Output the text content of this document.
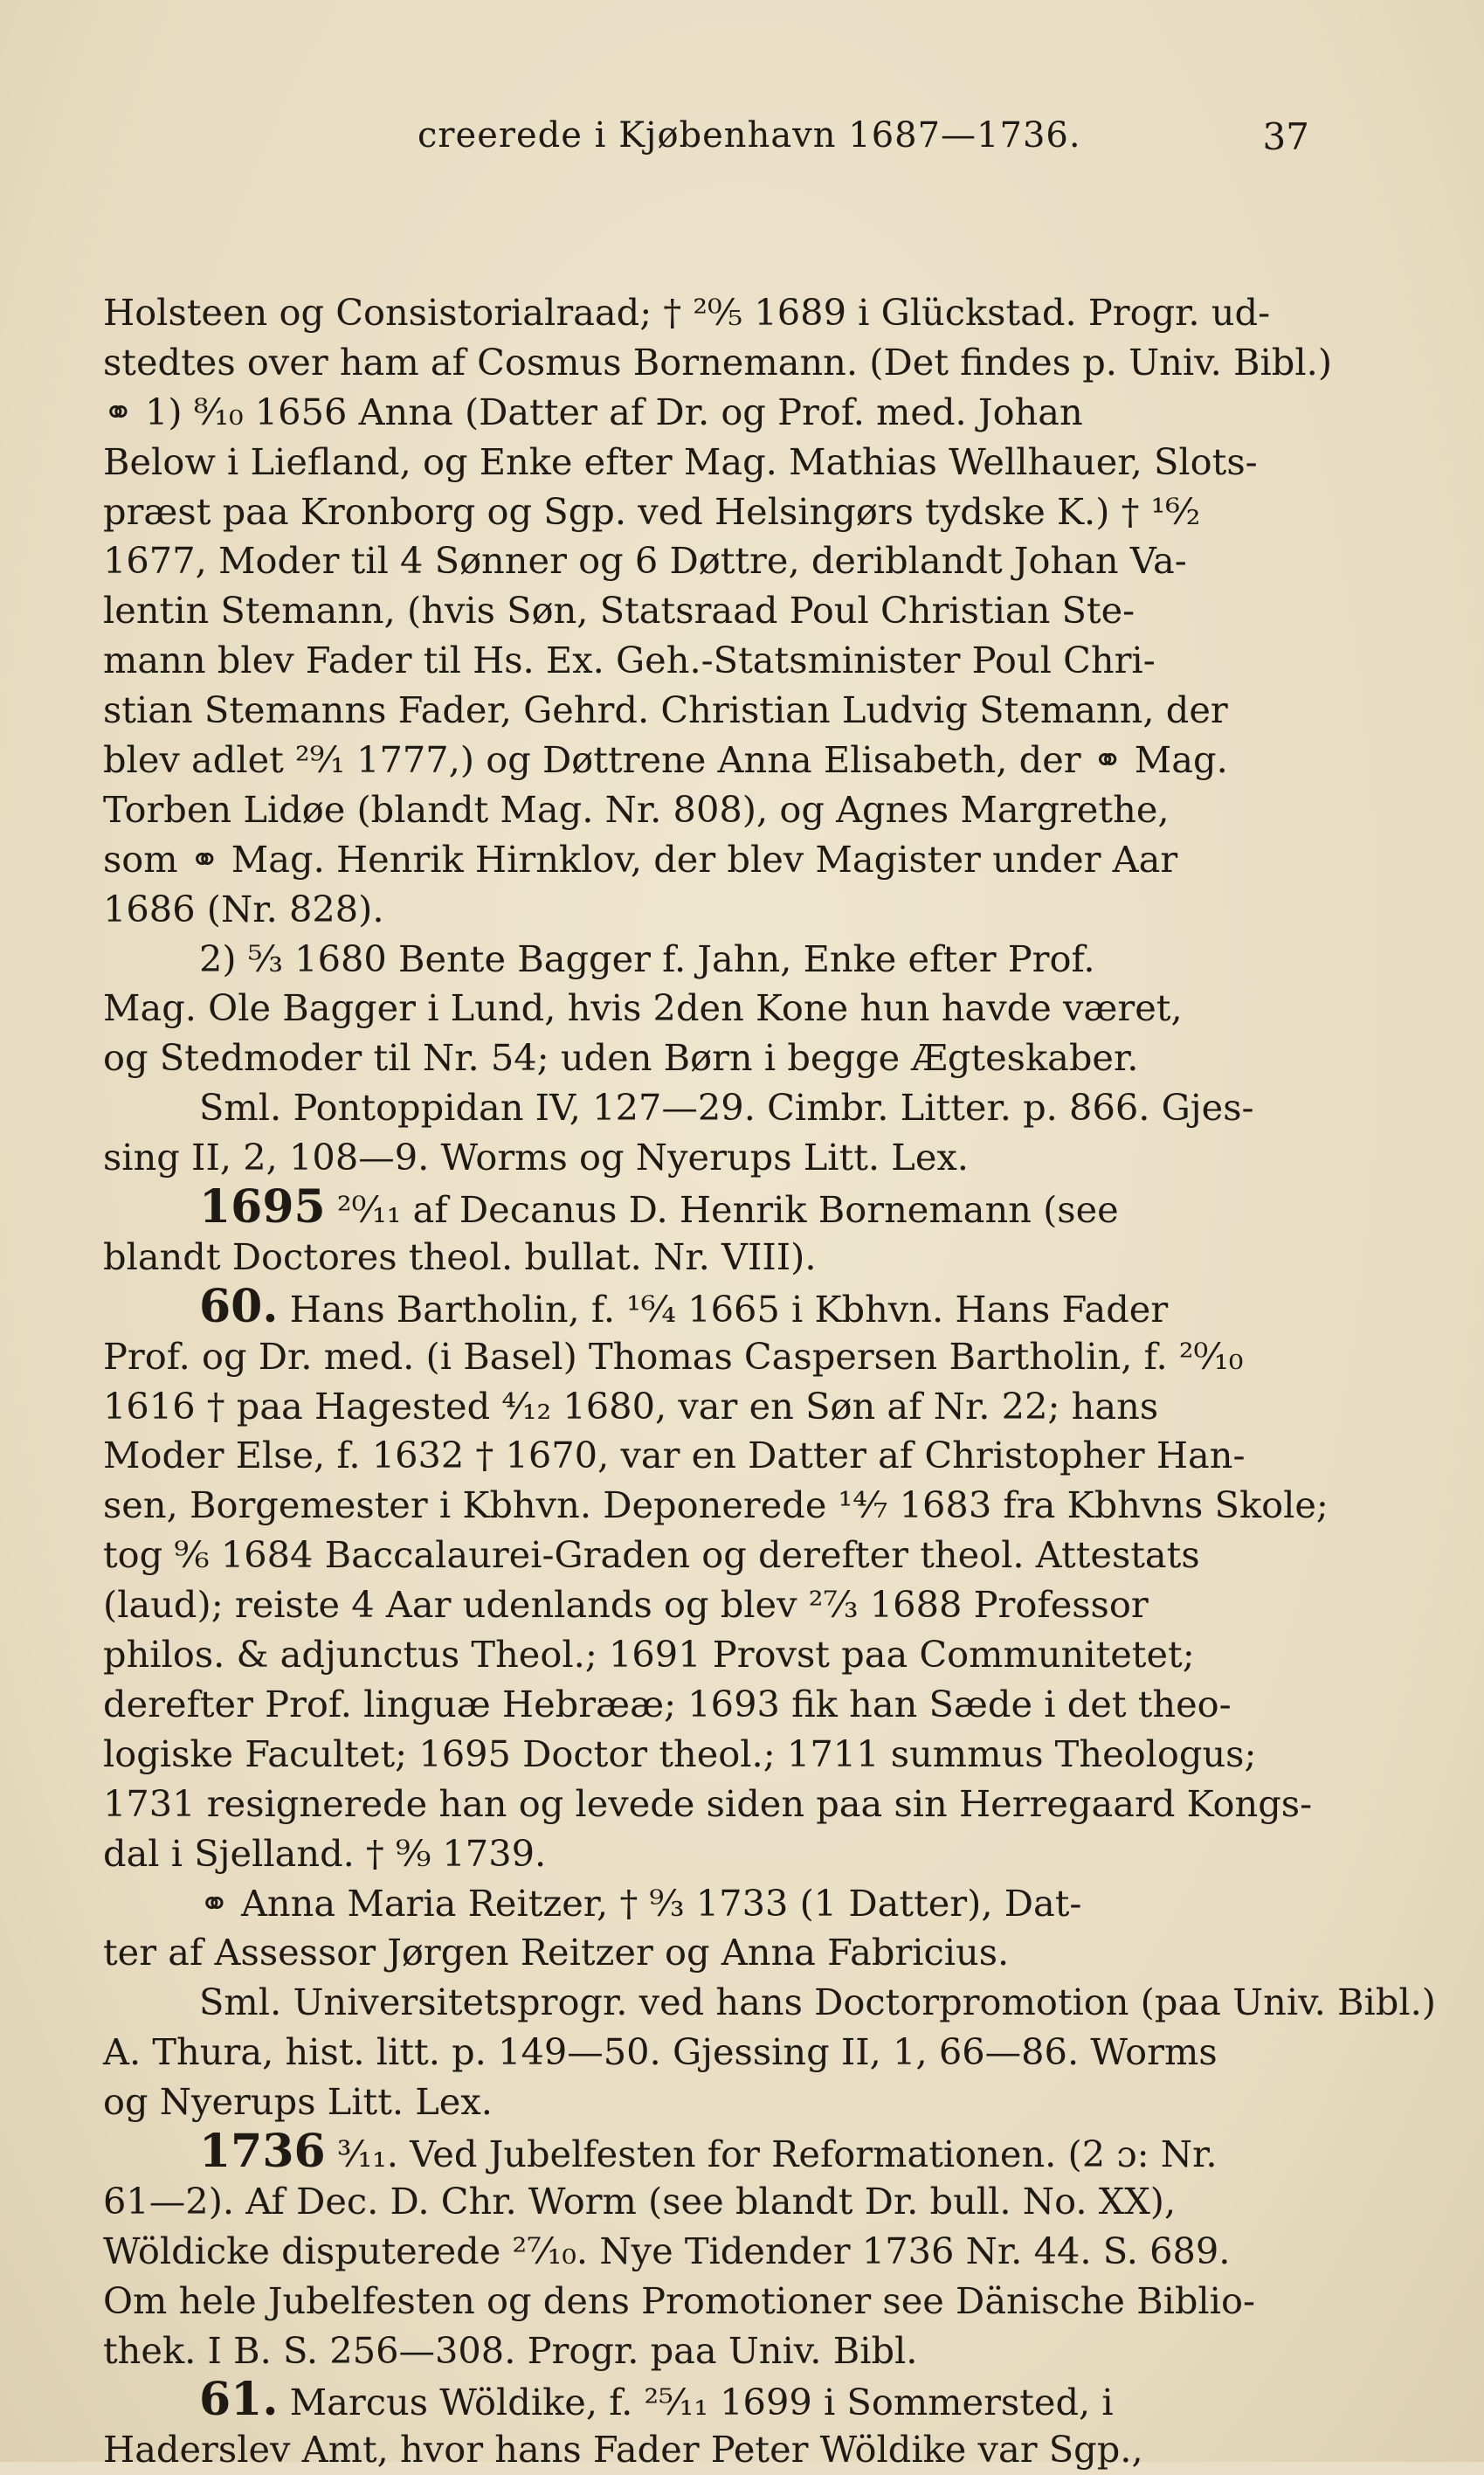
creerede i Kjøbenhavn 1687—1736.	37
Holsteen og Consistorialraad; † ²⁰⁄₅ 1689 i Glückstad. Progr. ud-
stedtes over ham af Cosmus Bornemann. (Det findes p. Univ. Bibl.)
⚭ 1) ⁸⁄₁₀ 1656 Anna (Datter af Dr. og Prof. med. Johan
Below i Liefland, og Enke efter Mag. Mathias Wellhauer, Slots-
præst paa Kronborg og Sgp. ved Helsingørs tydske K.) † ¹⁶⁄₂
1677, Moder til 4 Sønner og 6 Døttre, deriblandt Johan Va-
lentin Stemann, (hvis Søn, Statsraad Poul Christian Ste-
mann blev Fader til Hs. Ex. Geh.-Statsminister Poul Chri-
stian Stemanns Fader, Gehrd. Christian Ludvig Stemann, der
blev adlet ²⁹⁄₁ 1777,) og Døttrene Anna Elisabeth, der ⚭ Mag.
Torben Lidøe (blandt Mag. Nr. 808), og Agnes Margrethe,
som ⚭ Mag. Henrik Hirnklov, der blev Magister under Aar
1686 (Nr. 828).
2) ⁵⁄₃ 1680 Bente Bagger f. Jahn, Enke efter Prof.
Mag. Ole Bagger i Lund, hvis 2den Kone hun havde været,
og Stedmoder til Nr. 54; uden Børn i begge Ægteskaber.
Sml. Pontoppidan IV, 127—29. Cimbr. Litter. p. 866. Gjes-
sing II, 2, 108—9. Worms og Nyerups Litt. Lex.
1695 ²⁰⁄₁₁ af Decanus D. Henrik Bornemann (see
blandt Doctores theol. bullat. Nr. VIII).
60. Hans Bartholin, f. ¹⁶⁄₄ 1665 i Kbhvn. Hans Fader
Prof. og Dr. med. (i Basel) Thomas Caspersen Bartholin, f. ²⁰⁄₁₀
1616 † paa Hagested ⁴⁄₁₂ 1680, var en Søn af Nr. 22; hans
Moder Else, f. 1632 † 1670, var en Datter af Christopher Han-
sen, Borgemester i Kbhvn. Deponerede ¹⁴⁄₇ 1683 fra Kbhvns Skole;
tog ⁹⁄₆ 1684 Baccalaurei-Graden og derefter theol. Attestats
(laud); reiste 4 Aar udenlands og blev ²⁷⁄₃ 1688 Professor
philos. & adjunctus Theol.; 1691 Provst paa Communitetet;
derefter Prof. linguæ Hebrææ; 1693 fik han Sæde i det theo-
logiske Facultet; 1695 Doctor theol.; 1711 summus Theologus;
1731 resignerede han og levede siden paa sin Herregaard Kongs-
dal i Sjelland. † ⁹⁄₉ 1739.
⚭ Anna Maria Reitzer, † ⁹⁄₃ 1733 (1 Datter), Dat-
ter af Assessor Jørgen Reitzer og Anna Fabricius.
Sml. Universitetsprogr. ved hans Doctorpromotion (paa Univ. Bibl.)
A. Thura, hist. litt. p. 149—50. Gjessing II, 1, 66—86. Worms
og Nyerups Litt. Lex.
1736 ³⁄₁₁. Ved Jubelfesten for Reformationen. (2 ɔ: Nr.
61—2). Af Dec. D. Chr. Worm (see blandt Dr. bull. No. XX),
Wöldicke disputerede ²⁷⁄₁₀. Nye Tidender 1736 Nr. 44. S. 689.
Om hele Jubelfesten og dens Promotioner see Dänische Biblio-
thek. I B. S. 256—308. Progr. paa Univ. Bibl.
61. Marcus Wöldike, f. ²⁵⁄₁₁ 1699 i Sommersted, i
Haderslev Amt, hvor hans Fader Peter Wöldike var Sgp.,
